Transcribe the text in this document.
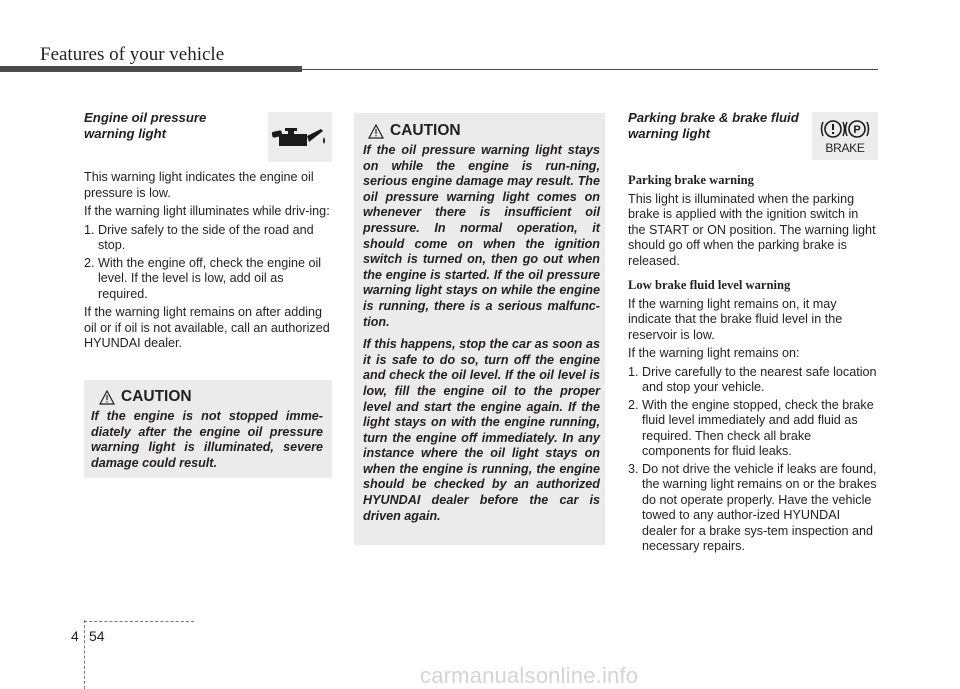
Features of your vehicle
Engine oil pressure
warning light

This warning light indicates the engine oil pressure is low.

If the warning light illuminates while driv-ing:

1. Drive safely to the side of the road and stop.
2. With the engine off, check the engine oil level. If the level is low, add oil as required.

If the warning light remains on after adding oil or if oil is not available, call an authorized HYUNDAI dealer.

CAUTION
If the engine is not stopped imme-diately after the engine oil pressure warning light is illuminated, severe damage could result.
CAUTION

If the oil pressure warning light stays on while the engine is run-ning, serious engine damage may result. The oil pressure warning light comes on whenever there is insufficient oil pressure. In normal operation, it should come on when the ignition switch is turned on, then go out when the engine is started. If the oil pressure warning light stays on while the engine is running, there is a serious malfunc-tion.

If this happens, stop the car as soon as it is safe to do so, turn off the engine and check the oil level. If the oil level is low, fill the engine oil to the proper level and start the engine again. If the light stays on with the engine running, turn the engine off immediately. In any instance where the oil light stays on when the engine is running, the engine should be checked by an authorized HYUNDAI dealer before the car is driven again.

Parking brake & brake fluid
warning light
Parking brake warning

This light is illuminated when the parking brake is applied with the ignition switch in the START or ON position. The warning light should go off when the parking brake is released.

Low brake fluid level warning

If the warning light remains on, it may indicate that the brake fluid level in the reservoir is low.

If the warning light remains on:

1. Drive carefully to the nearest safe location and stop your vehicle.
2. With the engine stopped, check the brake fluid level immediately and add fluid as required. Then check all brake components for fluid leaks.
3. Do not drive the vehicle if leaks are found, the warning light remains on or the brakes do not operate properly. Have the vehicle towed to any author-ized HYUNDAI dealer for a brake sys-tem inspection and necessary repairs.
P
BRAKE
4 54
carmanualsonline.info
